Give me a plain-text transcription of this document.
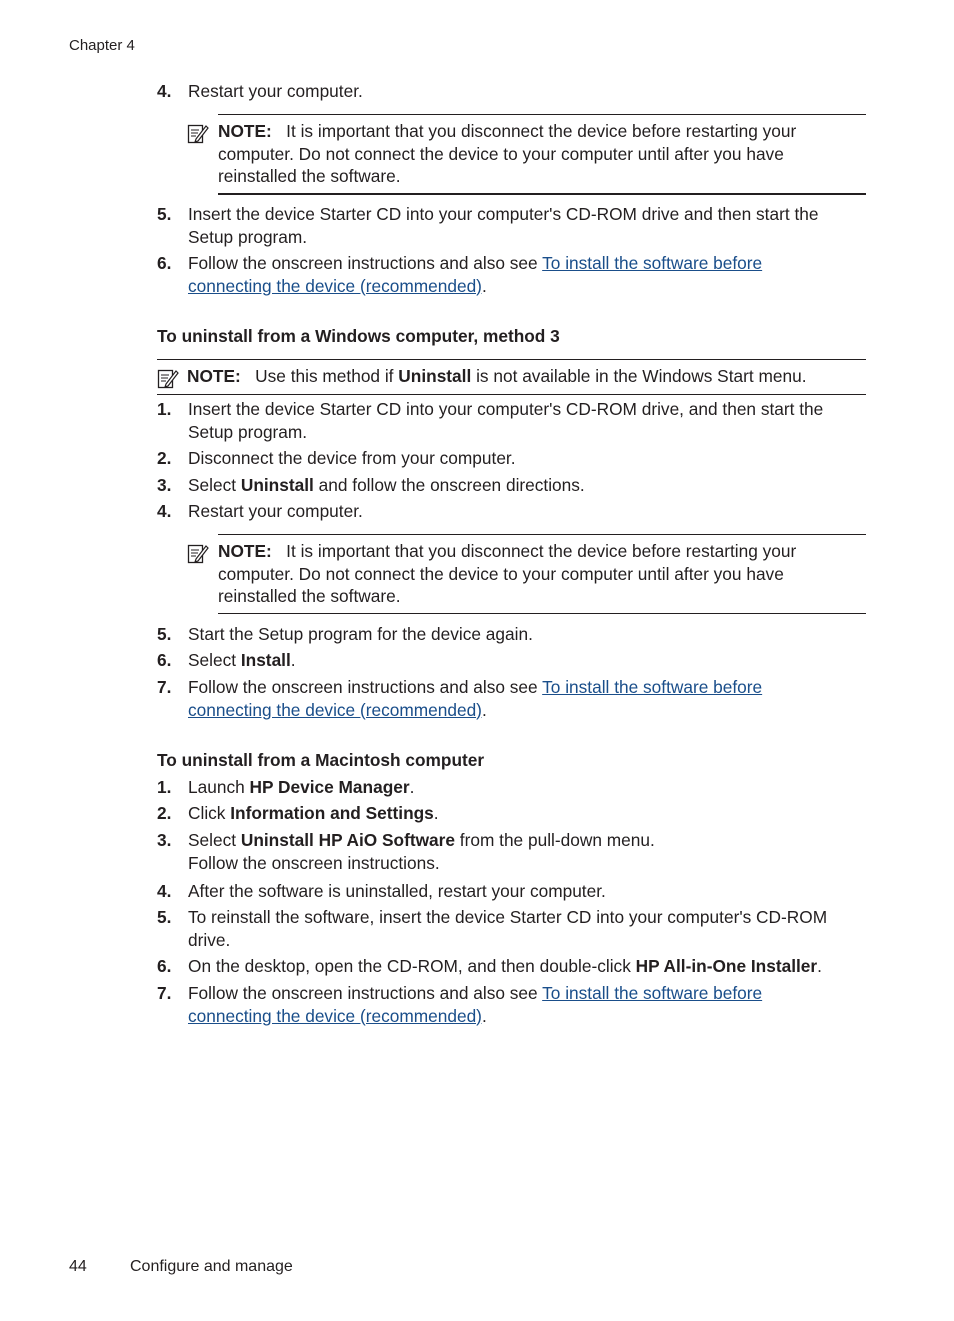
Chapter 4
4. Restart your computer.
NOTE: It is important that you disconnect the device before restarting your computer. Do not connect the device to your computer until after you have reinstalled the software.
5. Insert the device Starter CD into your computer's CD-ROM drive and then start the Setup program.
6. Follow the onscreen instructions and also see To install the software before connecting the device (recommended).
To uninstall from a Windows computer, method 3
NOTE: Use this method if Uninstall is not available in the Windows Start menu.
1. Insert the device Starter CD into your computer's CD-ROM drive, and then start the Setup program.
2. Disconnect the device from your computer.
3. Select Uninstall and follow the onscreen directions.
4. Restart your computer.
NOTE: It is important that you disconnect the device before restarting your computer. Do not connect the device to your computer until after you have reinstalled the software.
5. Start the Setup program for the device again.
6. Select Install.
7. Follow the onscreen instructions and also see To install the software before connecting the device (recommended).
To uninstall from a Macintosh computer
1. Launch HP Device Manager.
2. Click Information and Settings.
3. Select Uninstall HP AiO Software from the pull-down menu.
Follow the onscreen instructions.
4. After the software is uninstalled, restart your computer.
5. To reinstall the software, insert the device Starter CD into your computer's CD-ROM drive.
6. On the desktop, open the CD-ROM, and then double-click HP All-in-One Installer.
7. Follow the onscreen instructions and also see To install the software before connecting the device (recommended).
44	Configure and manage
